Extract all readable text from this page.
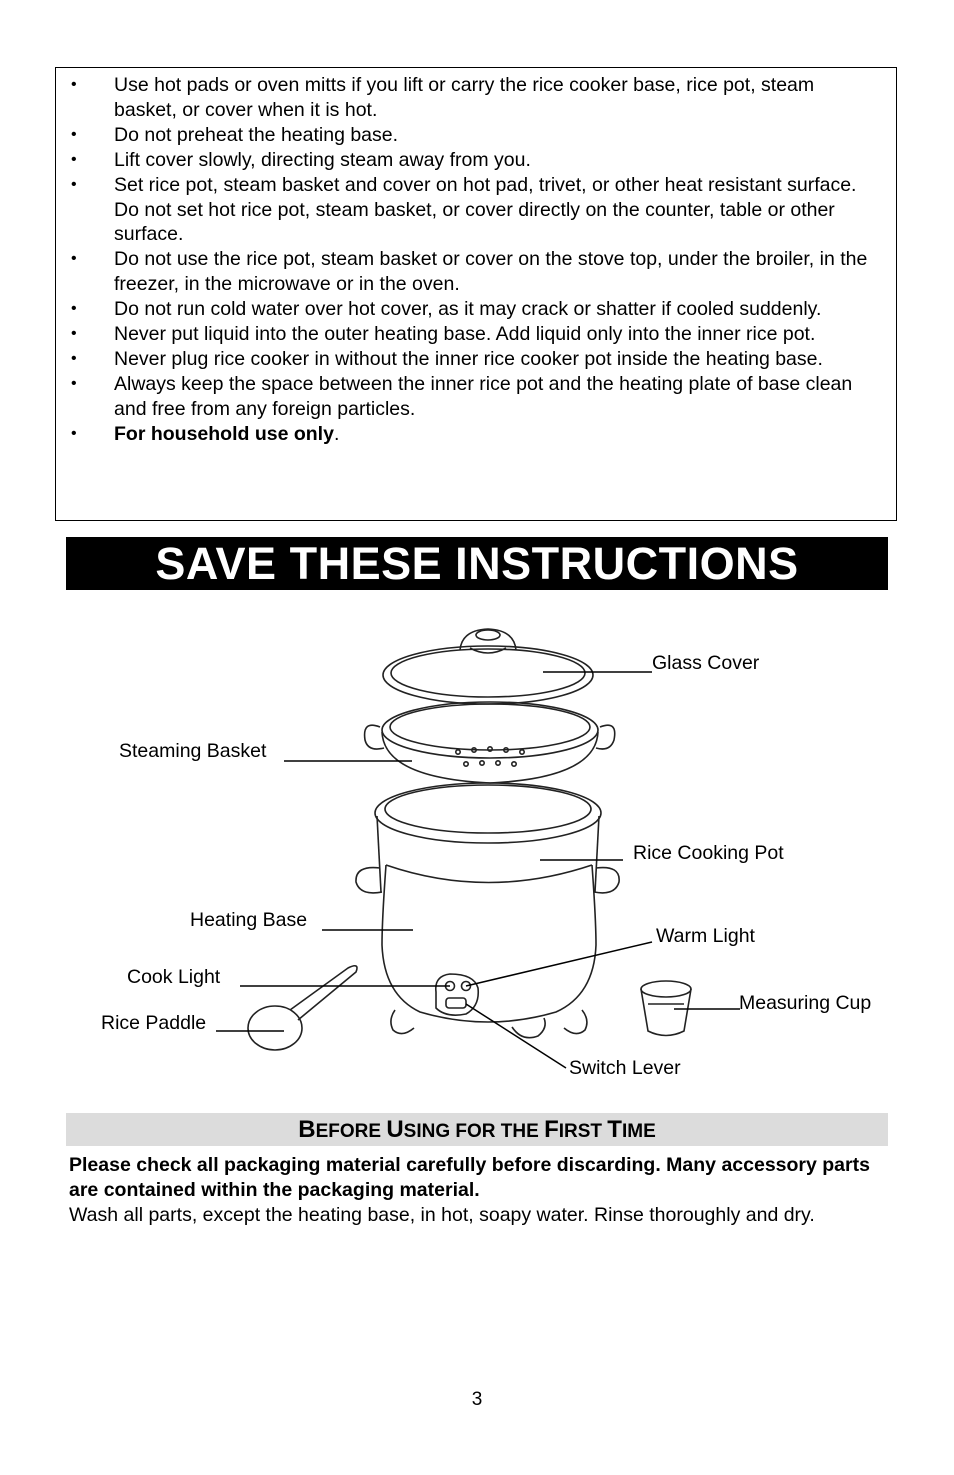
• Use hot pads or oven mitts if you lift or carry the rice cooker base, rice pot, steam basket, or cover when it is hot.
• Do not preheat the heating base.
• Lift cover slowly, directing steam away from you.
• Set rice pot, steam basket and cover on hot pad, trivet, or other heat resistant surface. Do not set hot rice pot, steam basket, or cover directly on the counter, table or other surface.
• Do not use the rice pot, steam basket or cover on the stove top, under the broiler, in the freezer, in the microwave or in the oven.
• Do not run cold water over hot cover, as it may crack or shatter if cooled suddenly.
• Never put liquid into the outer heating base. Add liquid only into the inner rice pot.
• Never plug rice cooker in without the inner rice cooker pot inside the heating base.
• Always keep the space between the inner rice pot and the heating plate of base clean and free from any foreign particles.
• For household use only.
SAVE THESE INSTRUCTIONS
Glass Cover
Steaming Basket
Rice Cooking Pot
Heating Base
Warm Light
Cook Light
Measuring Cup
Rice Paddle
Switch Lever
BEFORE USING FOR THE FIRST TIME
Please check all packaging material carefully before discarding. Many accessory parts are contained within the packaging material.
Wash all parts, except the heating base, in hot, soapy water. Rinse thoroughly and dry.
3
